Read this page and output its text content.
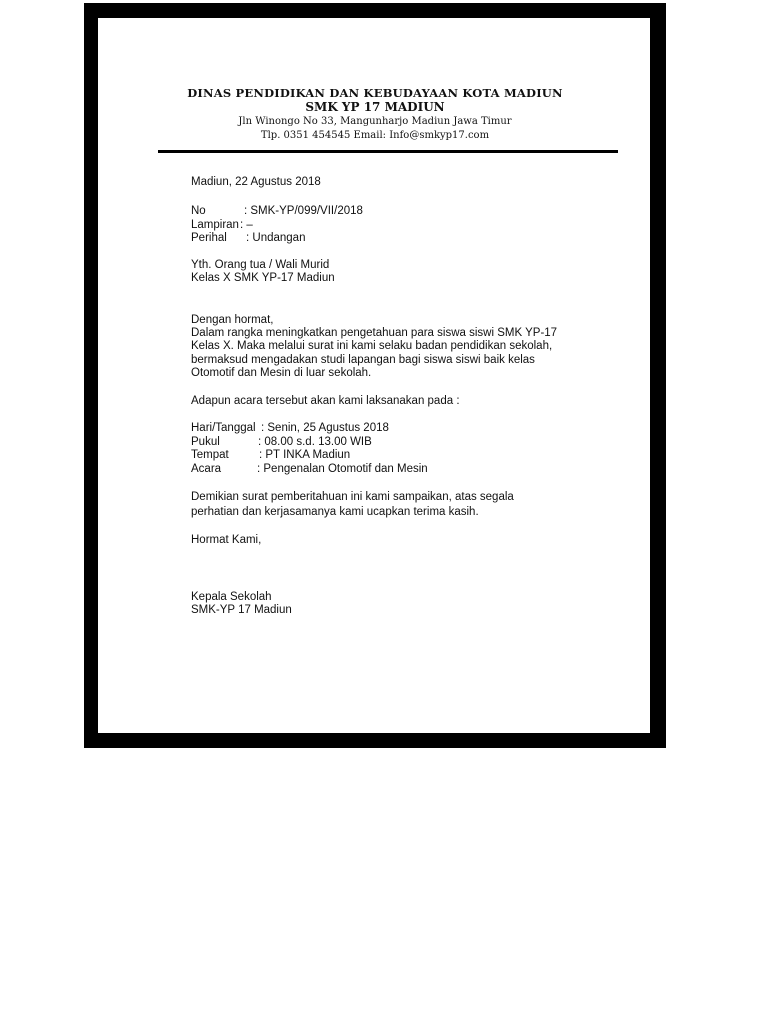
DINAS PENDIDIKAN DAN KEBUDAYAAN KOTA MADIUN
SMK YP 17 MADIUN
Jln Winongo No 33, Mangunharjo Madiun Jawa Timur
Tlp. 0351 454545 Email: Info@smkyp17.com
Madiun, 22 Agustus 2018
No	: SMK-YP/099/VII/2018
Lampiran: –
Perihal : Undangan
Yth. Orang tua / Wali Murid
Kelas X SMK YP-17 Madiun
Dengan hormat,
Dalam rangka meningkatkan pengetahuan para siswa siswi SMK YP-17
Kelas X. Maka melalui surat ini kami selaku badan pendidikan sekolah,
bermaksud mengadakan studi lapangan bagi siswa siswi baik kelas
Otomotif dan Mesin di luar sekolah.
Adapun acara tersebut akan kami laksanakan pada :
Hari/Tanggal : Senin, 25 Agustus 2018
Pukul	: 08.00 s.d. 13.00 WIB
Tempat	: PT INKA Madiun
Acara	: Pengenalan Otomotif dan Mesin
Demikian surat pemberitahuan ini kami sampaikan, atas segala
perhatian dan kerjasamanya kami ucapkan terima kasih.
Hormat Kami,
Kepala Sekolah
SMK-YP 17 Madiun
